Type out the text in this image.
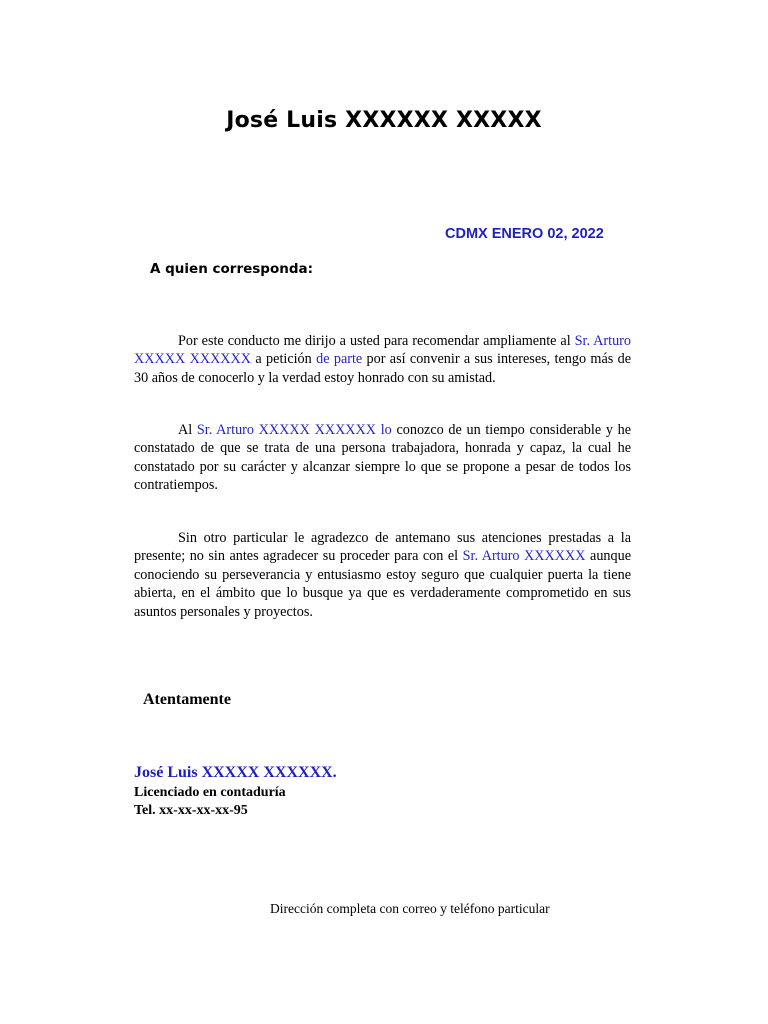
José Luis XXXXXX XXXXX
CDMX ENERO 02, 2022
A quien corresponda:

Por este conducto me dirijo a usted para recomendar ampliamente al Sr. Arturo XXXXX XXXXXX a petición de parte por así convenir a sus intereses, tengo más de 30 años de conocerlo y la verdad estoy honrado con su amistad.

Al Sr. Arturo XXXXX XXXXXX lo conozco de un tiempo considerable y he constatado de que se trata de una persona trabajadora, honrada y capaz, la cual he constatado por su carácter y alcanzar siempre lo que se propone a pesar de todos los contratiempos.

Sin otro particular le agradezco de antemano sus atenciones prestadas a la presente; no sin antes agradecer su proceder para con el Sr. Arturo XXXXXX aunque conociendo su perseverancia y entusiasmo estoy seguro que cualquier puerta la tiene abierta, en el ámbito que lo busque ya que es verdaderamente comprometido en sus asuntos personales y proyectos.

Atentamente
José Luis XXXXX XXXXXX.
Licenciado en contaduría
Tel. xx-xx-xx-xx-95
Dirección completa con correo y teléfono particular
